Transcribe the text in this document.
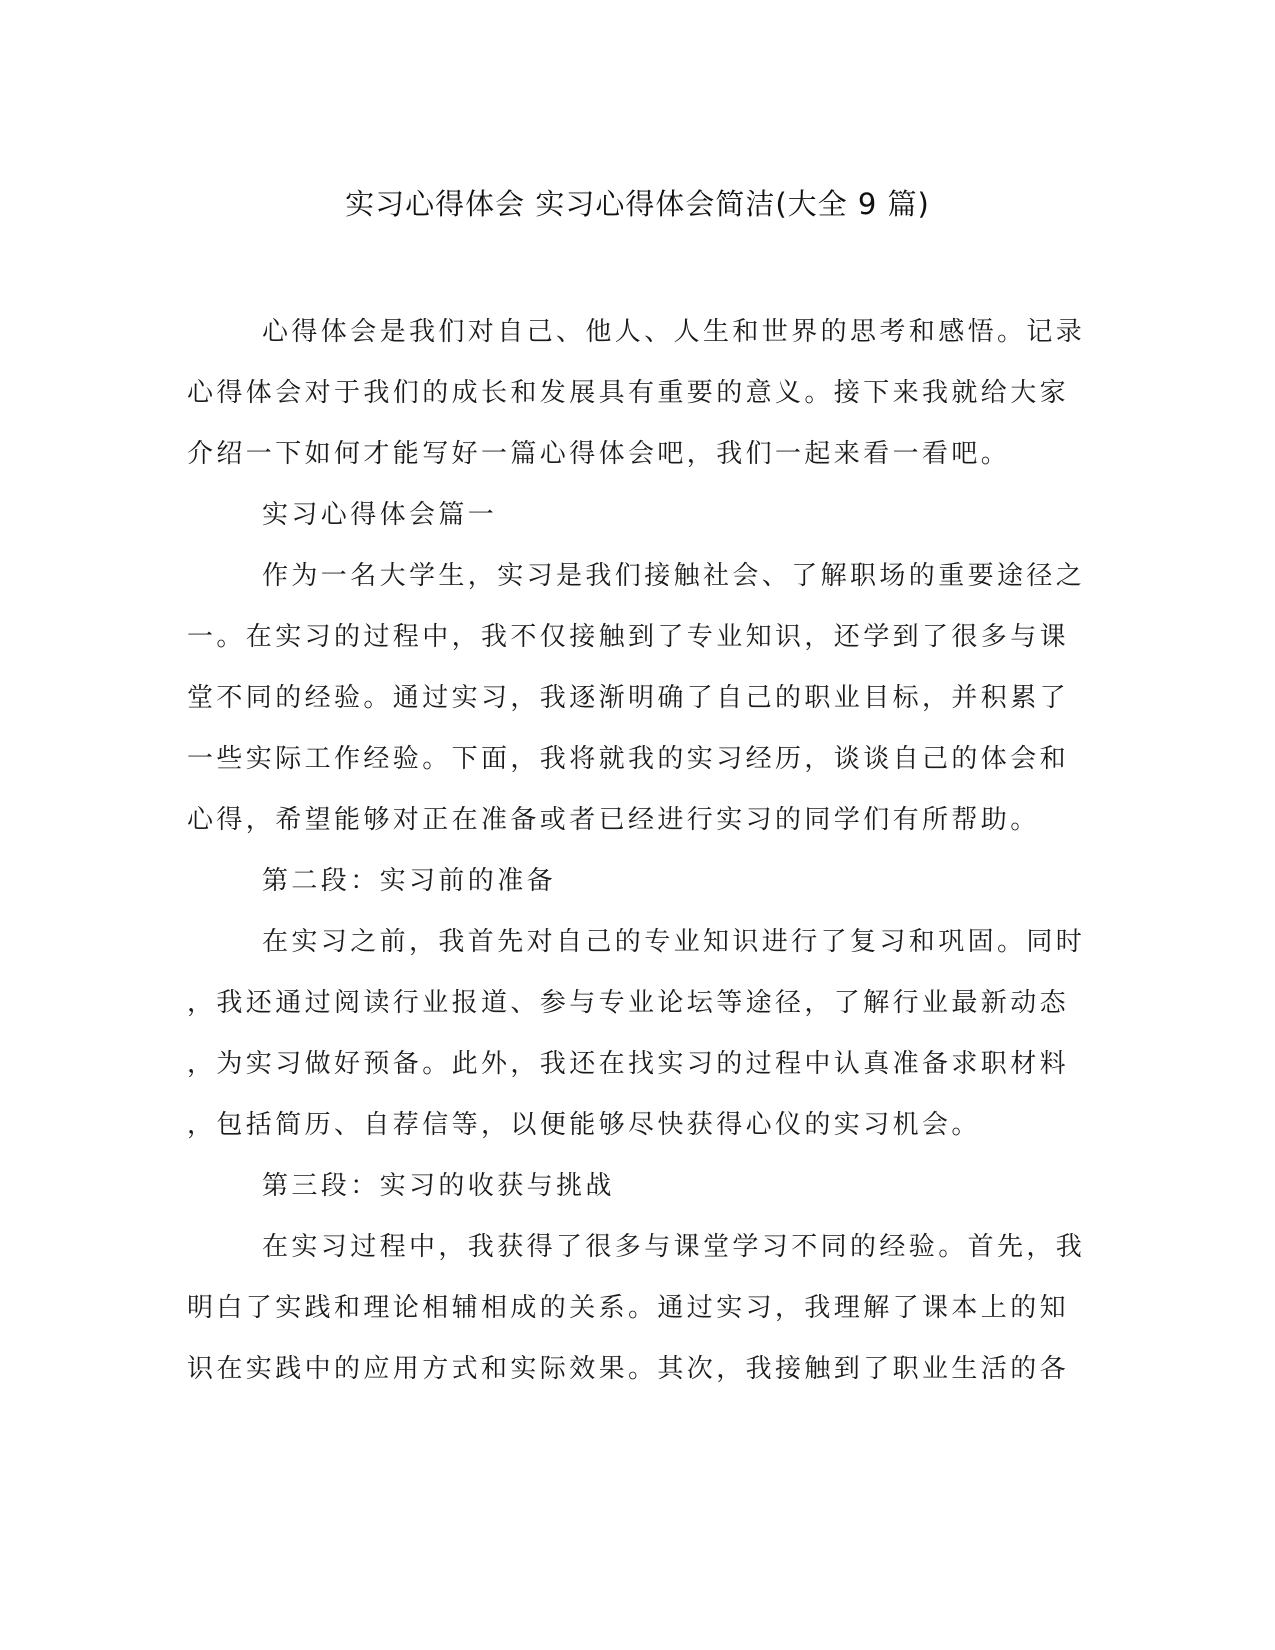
实习心得体会 实习心得体会简洁(大全 9 篇)

心得体会是我们对自己、他人、人生和世界的思考和感悟。记录

心得体会对于我们的成长和发展具有重要的意义。接下来我就给大家

介绍一下如何才能写好一篇心得体会吧，我们一起来看一看吧。

实习心得体会篇一

作为一名大学生，实习是我们接触社会、了解职场的重要途径之

一。在实习的过程中，我不仅接触到了专业知识，还学到了很多与课

堂不同的经验。通过实习，我逐渐明确了自己的职业目标，并积累了

一些实际工作经验。下面，我将就我的实习经历，谈谈自己的体会和

心得，希望能够对正在准备或者已经进行实习的同学们有所帮助。

第二段：实习前的准备

在实习之前，我首先对自己的专业知识进行了复习和巩固。同时

，我还通过阅读行业报道、参与专业论坛等途径，了解行业最新动态

，为实习做好预备。此外，我还在找实习的过程中认真准备求职材料

，包括简历、自荐信等，以便能够尽快获得心仪的实习机会。

第三段：实习的收获与挑战

在实习过程中，我获得了很多与课堂学习不同的经验。首先，我

明白了实践和理论相辅相成的关系。通过实习，我理解了课本上的知

识在实践中的应用方式和实际效果。其次，我接触到了职业生活的各
